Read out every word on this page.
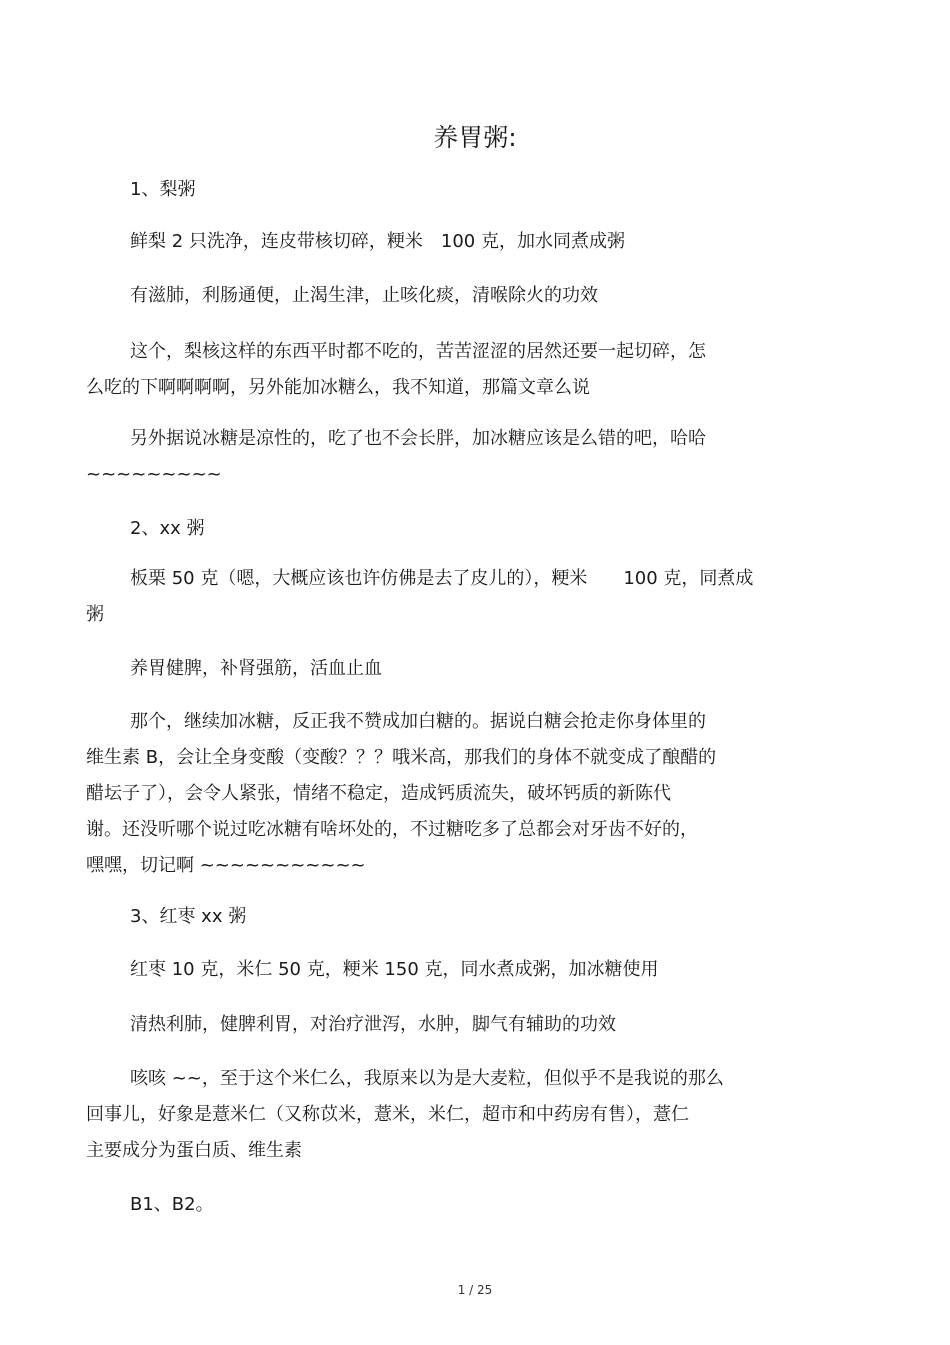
养胃粥:

1、梨粥

鲜梨 2 只洗净，连皮带核切碎，粳米　100 克，加水同煮成粥

有滋肺，利肠通便，止渴生津，止咳化痰，清喉除火的功效

这个，梨核这样的东西平时都不吃的，苦苦涩涩的居然还要一起切碎，怎
么吃的下啊啊啊啊，另外能加冰糖么，我不知道，那篇文章么说

另外据说冰糖是凉性的，吃了也不会长胖，加冰糖应该是么错的吧，哈哈
~~~~~~~~~

2、xx 粥

板栗 50 克（嗯，大概应该也许仿佛是去了皮儿的），粳米　　100 克，同煮成
粥

养胃健脾，补肾强筋，活血止血

那个，继续加冰糖，反正我不赞成加白糖的。据说白糖会抢走你身体里的
维生素 B，会让全身变酸（变酸？？？哦米高，那我们的身体不就变成了酿醋的
醋坛子了），会令人紧张，情绪不稳定，造成钙质流失，破坏钙质的新陈代
谢。还没听哪个说过吃冰糖有啥坏处的，不过糖吃多了总都会对牙齿不好的，
嘿嘿，切记啊 ~~~~~~~~~~~

3、红枣 xx 粥

红枣 10 克，米仁 50 克，粳米 150 克，同水煮成粥，加冰糖使用

清热利肺，健脾利胃，对治疗泄泻，水肿，脚气有辅助的功效

咳咳 ~~，至于这个米仁么，我原来以为是大麦粒，但似乎不是我说的那么
回事儿，好象是薏米仁（又称苡米，薏米，米仁，超市和中药房有售），薏仁
主要成分为蛋白质、维生素

B1、B2。

1 / 25
